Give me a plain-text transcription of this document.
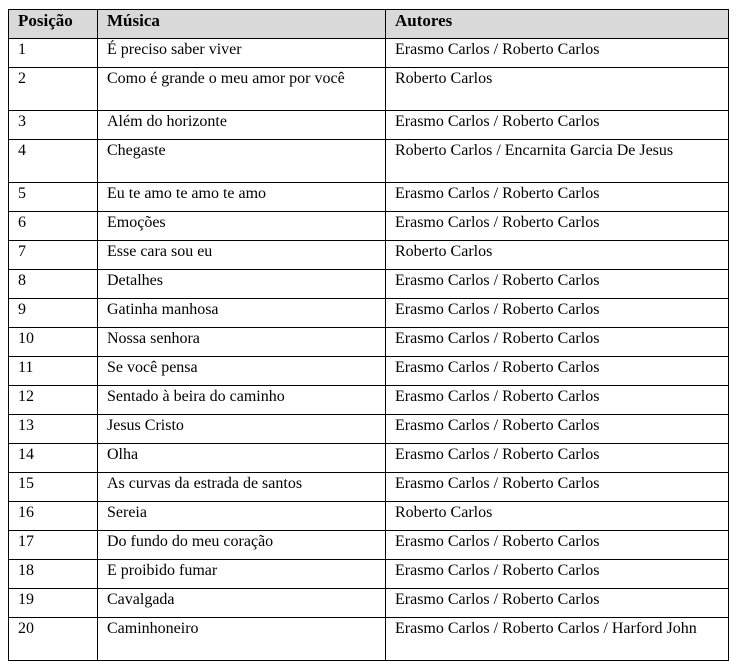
Posição	Música	Autores
1	É preciso saber viver	Erasmo Carlos / Roberto Carlos
2	Como é grande o meu amor por você	Roberto Carlos
3	Além do horizonte	Erasmo Carlos / Roberto Carlos
4	Chegaste	Roberto Carlos / Encarnita Garcia De Jesus
5	Eu te amo te amo te amo	Erasmo Carlos / Roberto Carlos
6	Emoções	Erasmo Carlos / Roberto Carlos
7	Esse cara sou eu	Roberto Carlos
8	Detalhes	Erasmo Carlos / Roberto Carlos
9	Gatinha manhosa	Erasmo Carlos / Roberto Carlos
10	Nossa senhora	Erasmo Carlos / Roberto Carlos
11	Se você pensa	Erasmo Carlos / Roberto Carlos
12	Sentado à beira do caminho	Erasmo Carlos / Roberto Carlos
13	Jesus Cristo	Erasmo Carlos / Roberto Carlos
14	Olha	Erasmo Carlos / Roberto Carlos
15	As curvas da estrada de santos	Erasmo Carlos / Roberto Carlos
16	Sereia	Roberto Carlos
17	Do fundo do meu coração	Erasmo Carlos / Roberto Carlos
18	E proibido fumar	Erasmo Carlos / Roberto Carlos
19	Cavalgada	Erasmo Carlos / Roberto Carlos
20	Caminhoneiro	Erasmo Carlos / Roberto Carlos / Harford John
